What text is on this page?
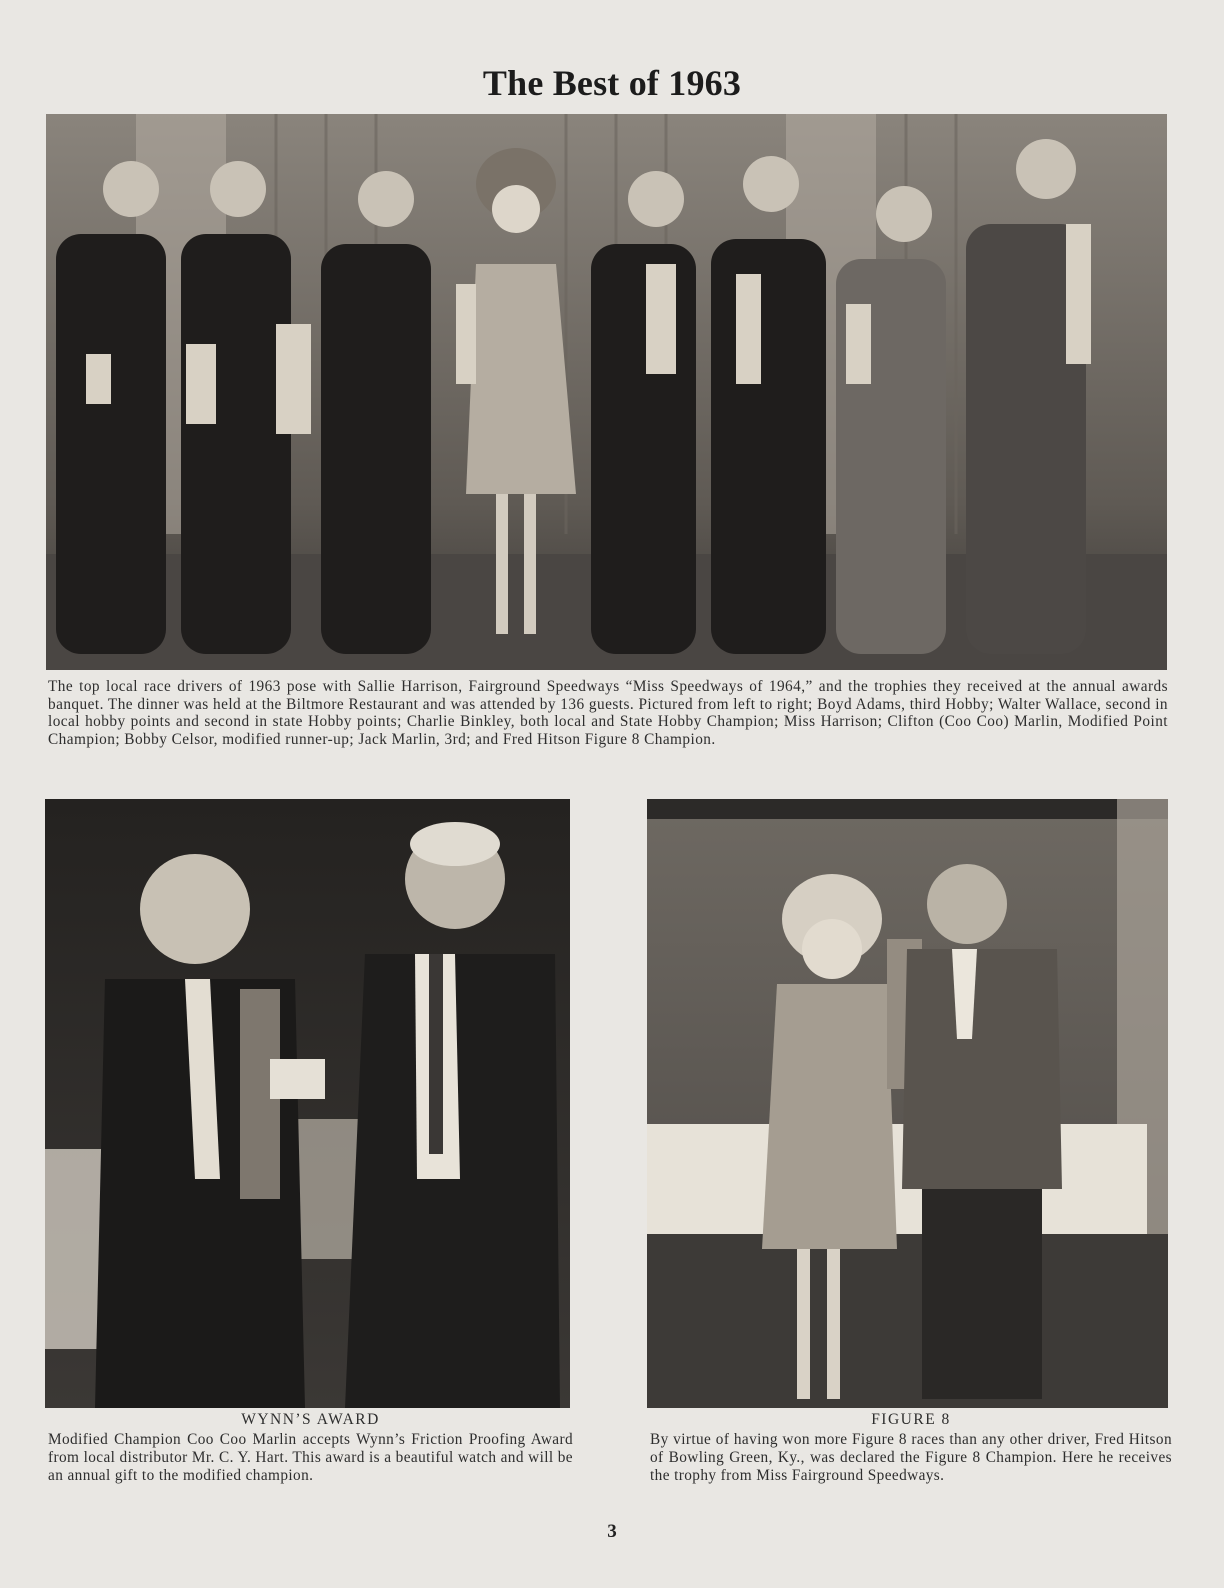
The Best of 1963
The top local race drivers of 1963 pose with Sallie Harrison, Fairground Speedways “Miss Speedways of 1964,” and the trophies they received at the annual awards banquet. The dinner was held at the Biltmore Restaurant and was attended by 136 guests. Pictured from left to right; Boyd Adams, third Hobby; Walter Wallace, second in local hobby points and second in state Hobby points; Charlie Binkley, both local and State Hobby Champion; Miss Harrison; Clifton (Coo Coo) Marlin, Modified Point Champion; Bobby Celsor, modified runner-up; Jack Marlin, 3rd; and Fred Hitson Figure 8 Champion.
WYNN’S AWARD
Modified Champion Coo Coo Marlin accepts Wynn’s Friction Proofing Award from local distributor Mr. C. Y. Hart. This award is a beautiful watch and will be an annual gift to the modified champion.
FIGURE 8
By virtue of having won more Figure 8 races than any other driver, Fred Hitson of Bowling Green, Ky., was declared the Figure 8 Champion. Here he receives the trophy from Miss Fairground Speedways.
3
